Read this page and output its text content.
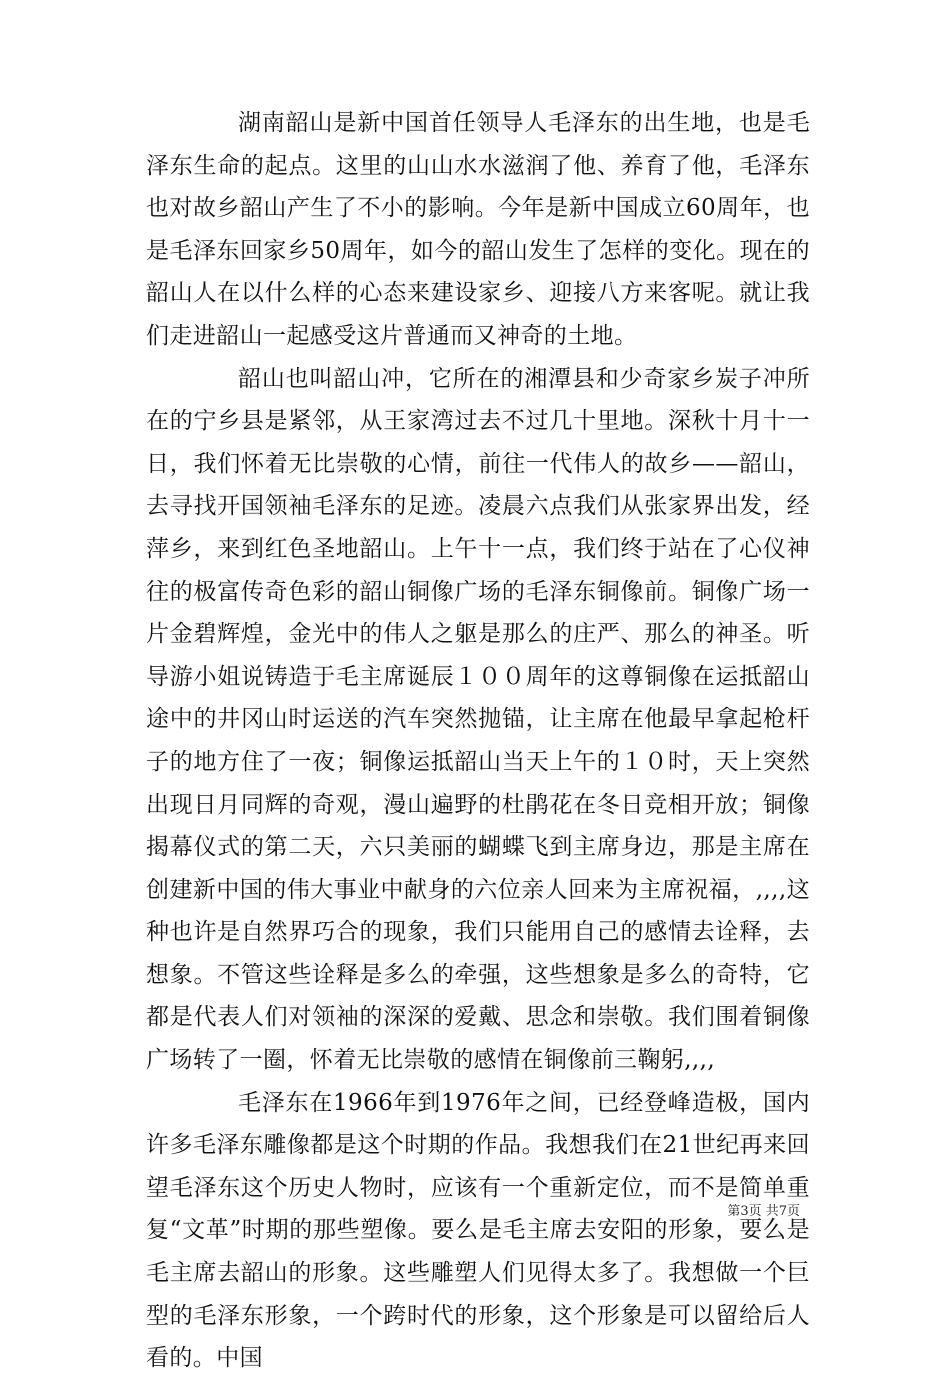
湖南韶山是新中国首任领导人毛泽东的出生地，也是毛泽东生命的起点。这里的山山水水滋润了他、养育了他，毛泽东也对故乡韶山产生了不小的影响。今年是新中国成立60周年，也是毛泽东回家乡50周年，如今的韶山发生了怎样的变化。现在的韶山人在以什么样的心态来建设家乡、迎接八方来客呢。就让我们走进韶山一起感受这片普通而又神奇的土地。

韶山也叫韶山冲，它所在的湘潭县和少奇家乡炭子冲所在的宁乡县是紧邻，从王家湾过去不过几十里地。深秋十月十一日，我们怀着无比崇敬的心情，前往一代伟人的故乡——韶山，去寻找开国领袖毛泽东的足迹。凌晨六点我们从张家界出发，经萍乡，来到红色圣地韶山。上午十一点，我们终于站在了心仪神往的极富传奇色彩的韶山铜像广场的毛泽东铜像前。铜像广场一片金碧辉煌，金光中的伟人之躯是那么的庄严、那么的神圣。听导游小姐说铸造于毛主席诞辰１００周年的这尊铜像在运抵韶山途中的井冈山时运送的汽车突然抛锚，让主席在他最早拿起枪杆子的地方住了一夜；铜像运抵韶山当天上午的１０时，天上突然出现日月同辉的奇观，漫山遍野的杜鹃花在冬日竞相开放；铜像揭幕仪式的第二天，六只美丽的蝴蝶飞到主席身边，那是主席在创建新中国的伟大事业中献身的六位亲人回来为主席祝福，,,,,这种也许是自然界巧合的现象，我们只能用自己的感情去诠释，去想象。不管这些诠释是多么的牵强，这些想象是多么的奇特，它都是代表人们对领袖的深深的爱戴、思念和崇敬。我们围着铜像广场转了一圈，怀着无比崇敬的感情在铜像前三鞠躬,,,,

毛泽东在1966年到1976年之间，已经登峰造极，国内许多毛泽东雕像都是这个时期的作品。我想我们在21世纪再来回望毛泽东这个历史人物时，应该有一个重新定位，而不是简单重复“文革”时期的那些塑像。要么是毛主席去安阳的形象，要么是毛主席去韶山的形象。这些雕塑人们见得太多了。我想做一个巨型的毛泽东形象，一个跨时代的形象，这个形象是可以留给后人看的。中国

第3页 共7页
